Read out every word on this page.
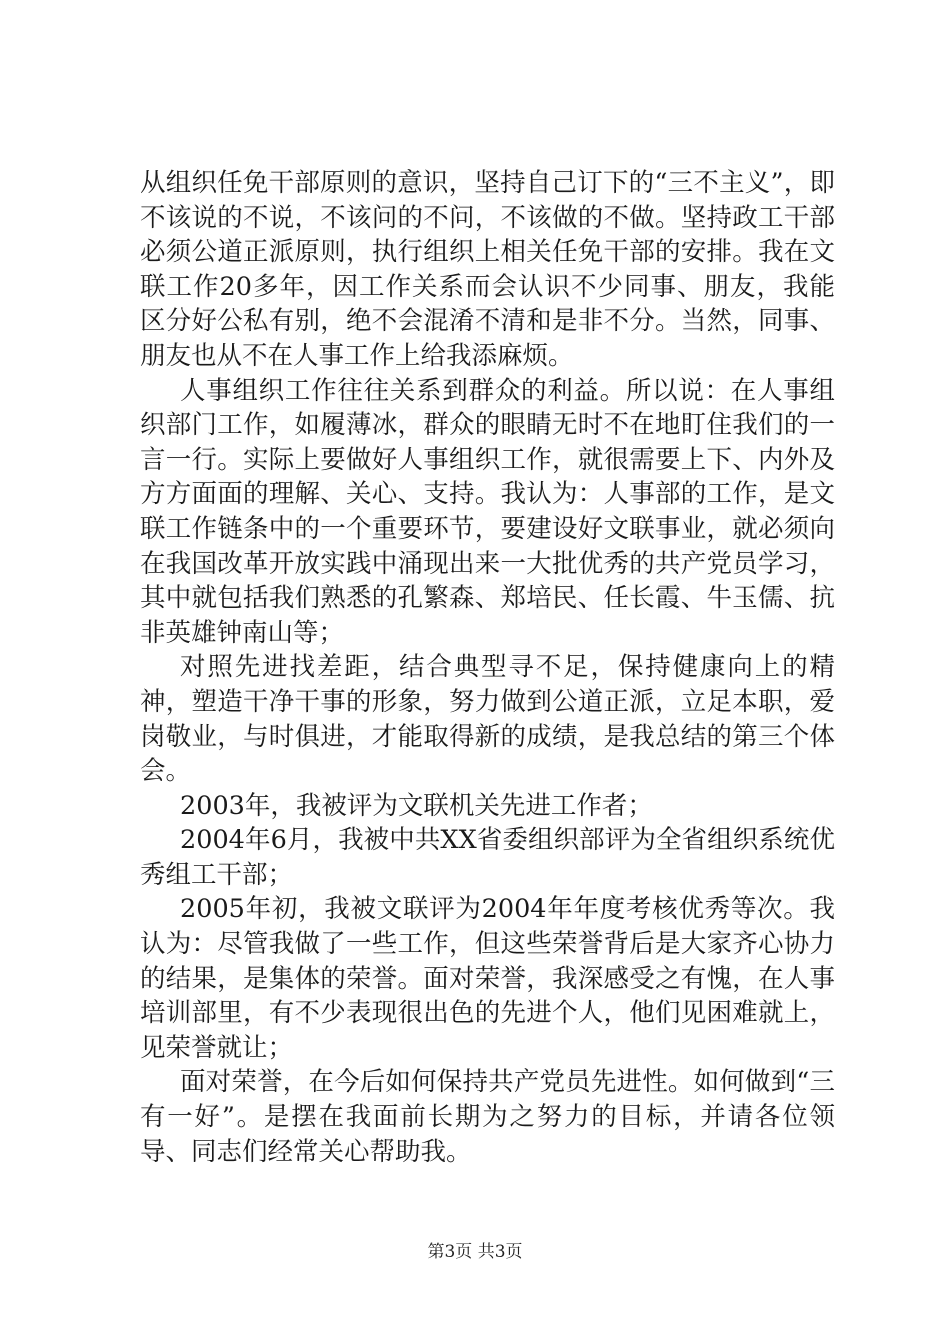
从组织任免干部原则的意识，坚持自己订下的“三不主义”，即不该说的不说，不该问的不问，不该做的不做。坚持政工干部必须公道正派原则，执行组织上相关任免干部的安排。我在文联工作20多年，因工作关系而会认识不少同事、朋友，我能区分好公私有别，绝不会混淆不清和是非不分。当然，同事、朋友也从不在人事工作上给我添麻烦。

人事组织工作往往关系到群众的利益。所以说：在人事组织部门工作，如履薄冰，群众的眼睛无时不在地盯住我们的一言一行。实际上要做好人事组织工作，就很需要上下、内外及方方面面的理解、关心、支持。我认为：人事部的工作，是文联工作链条中的一个重要环节，要建设好文联事业，就必须向在我国改革开放实践中涌现出来一大批优秀的共产党员学习，其中就包括我们熟悉的孔繁森、郑培民、任长霞、牛玉儒、抗非英雄钟南山等；

对照先进找差距，结合典型寻不足，保持健康向上的精神，塑造干净干事的形象，努力做到公道正派，立足本职，爱岗敬业，与时俱进，才能取得新的成绩，是我总结的第三个体会。

2003年，我被评为文联机关先进工作者；

2004年6月，我被中共XX省委组织部评为全省组织系统优秀组工干部；

2005年初，我被文联评为2004年年度考核优秀等次。我认为：尽管我做了一些工作，但这些荣誉背后是大家齐心协力的结果，是集体的荣誉。面对荣誉，我深感受之有愧，在人事培训部里，有不少表现很出色的先进个人，他们见困难就上，见荣誉就让；

面对荣誉，在今后如何保持共产党员先进性。如何做到“三有一好”。是摆在我面前长期为之努力的目标，并请各位领导、同志们经常关心帮助我。

第3页 共3页
